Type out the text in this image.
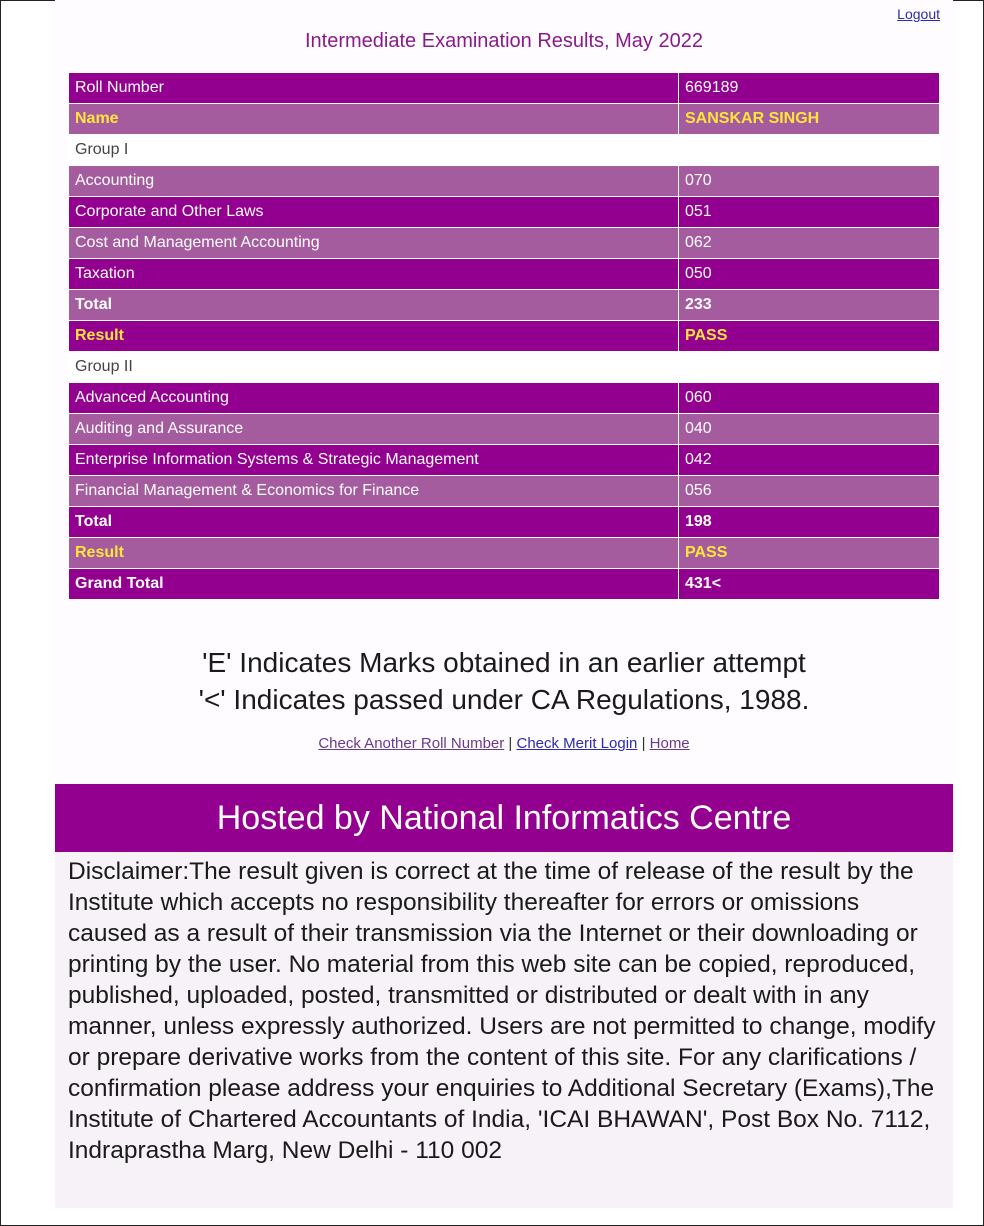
Logout
Intermediate Examination Results, May 2022
Roll Number	669189
Name	SANSKAR SINGH
Group I	
Accounting	070
Corporate and Other Laws	051
Cost and Management Accounting	062
Taxation	050
Total	233
Result	PASS
Group II	
Advanced Accounting	060
Auditing and Assurance	040
Enterprise Information Systems & Strategic Management	042
Financial Management & Economics for Finance	056
Total	198
Result	PASS
Grand Total	431<
'E' Indicates Marks obtained in an earlier attempt
'<' Indicates passed under CA Regulations, 1988.
Check Another Roll Number | Check Merit Login | Home
Hosted by National Informatics Centre
Disclaimer:The result given is correct at the time of release of the result by the Institute which accepts no responsibility thereafter for errors or omissions caused as a result of their transmission via the Internet or their downloading or printing by the user. No material from this web site can be copied, reproduced, published, uploaded, posted, transmitted or distributed or dealt with in any manner, unless expressly authorized. Users are not permitted to change, modify or prepare derivative works from the content of this site. For any clarifications / confirmation please address your enquiries to Additional Secretary (Exams),The Institute of Chartered Accountants of India, 'ICAI BHAWAN', Post Box No. 7112, Indraprastha Marg, New Delhi - 110 002
